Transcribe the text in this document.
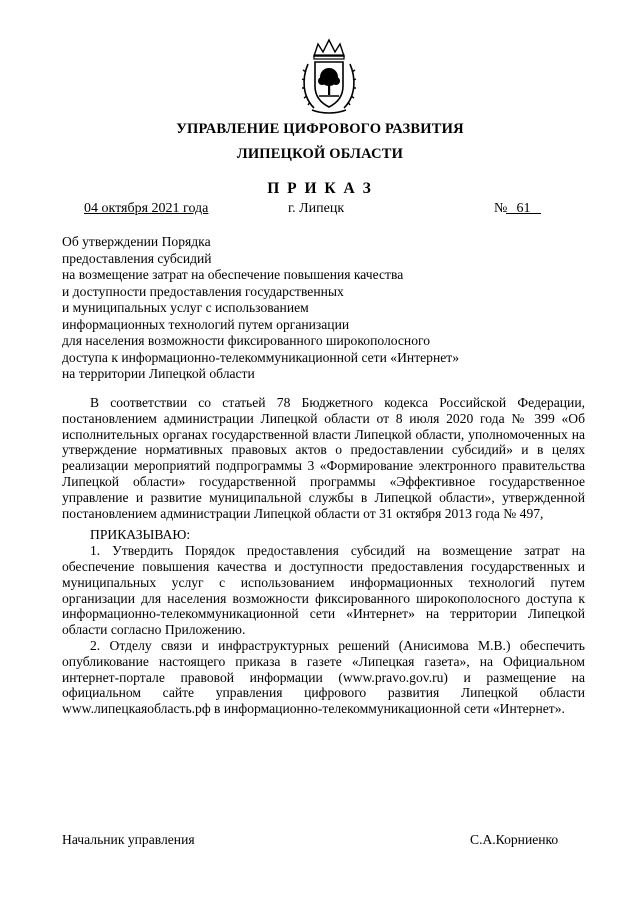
УПРАВЛЕНИЕ ЦИФРОВОГО РАЗВИТИЯ
ЛИПЕЦКОЙ ОБЛАСТИ
П Р И К А З
04 октября 2021 года	г. Липецк	№
61
Об утверждении Порядка
предоставления субсидий
на возмещение затрат на обеспечение повышения качества
и доступности предоставления государственных
и муниципальных услуг с использованием
информационных технологий путем организации
для населения возможности фиксированного широкополосного
доступа к информационно-телекоммуникационной сети «Интернет»
на территории Липецкой области

В соответствии со статьей 78 Бюджетного кодекса Российской Федерации, постановлением администрации Липецкой области от 8 июля 2020 года № 399 «Об исполнительных органах государственной власти Липецкой области, уполномоченных на утверждение нормативных правовых актов о предоставлении субсидий» и в целях реализации мероприятий подпрограммы 3 «Формирование электронного правительства Липецкой области» государственной программы «Эффективное государственное управление и развитие муниципальной службы в Липецкой области», утвержденной постановлением администрации Липецкой области от 31 октября 2013 года № 497,

ПРИКАЗЫВАЮ:

1. Утвердить Порядок предоставления субсидий на возмещение затрат на обеспечение повышения качества и доступности предоставления государственных и муниципальных услуг с использованием информационных технологий путем организации для населения возможности фиксированного широкополосного доступа к информационно-телекоммуникационной сети «Интернет» на территории Липецкой области согласно Приложению.

2. Отделу связи и инфраструктурных решений (Анисимова М.В.) обеспечить опубликование настоящего приказа в газете «Липецкая газета», на Официальном интернет-портале правовой информации (www.pravo.gov.ru) и размещение на официальном сайте управления цифрового развития Липецкой области www.липецкаяобласть.рф в информационно-телекоммуникационной сети «Интернет».

Начальник управления	С.А.Корниенко
